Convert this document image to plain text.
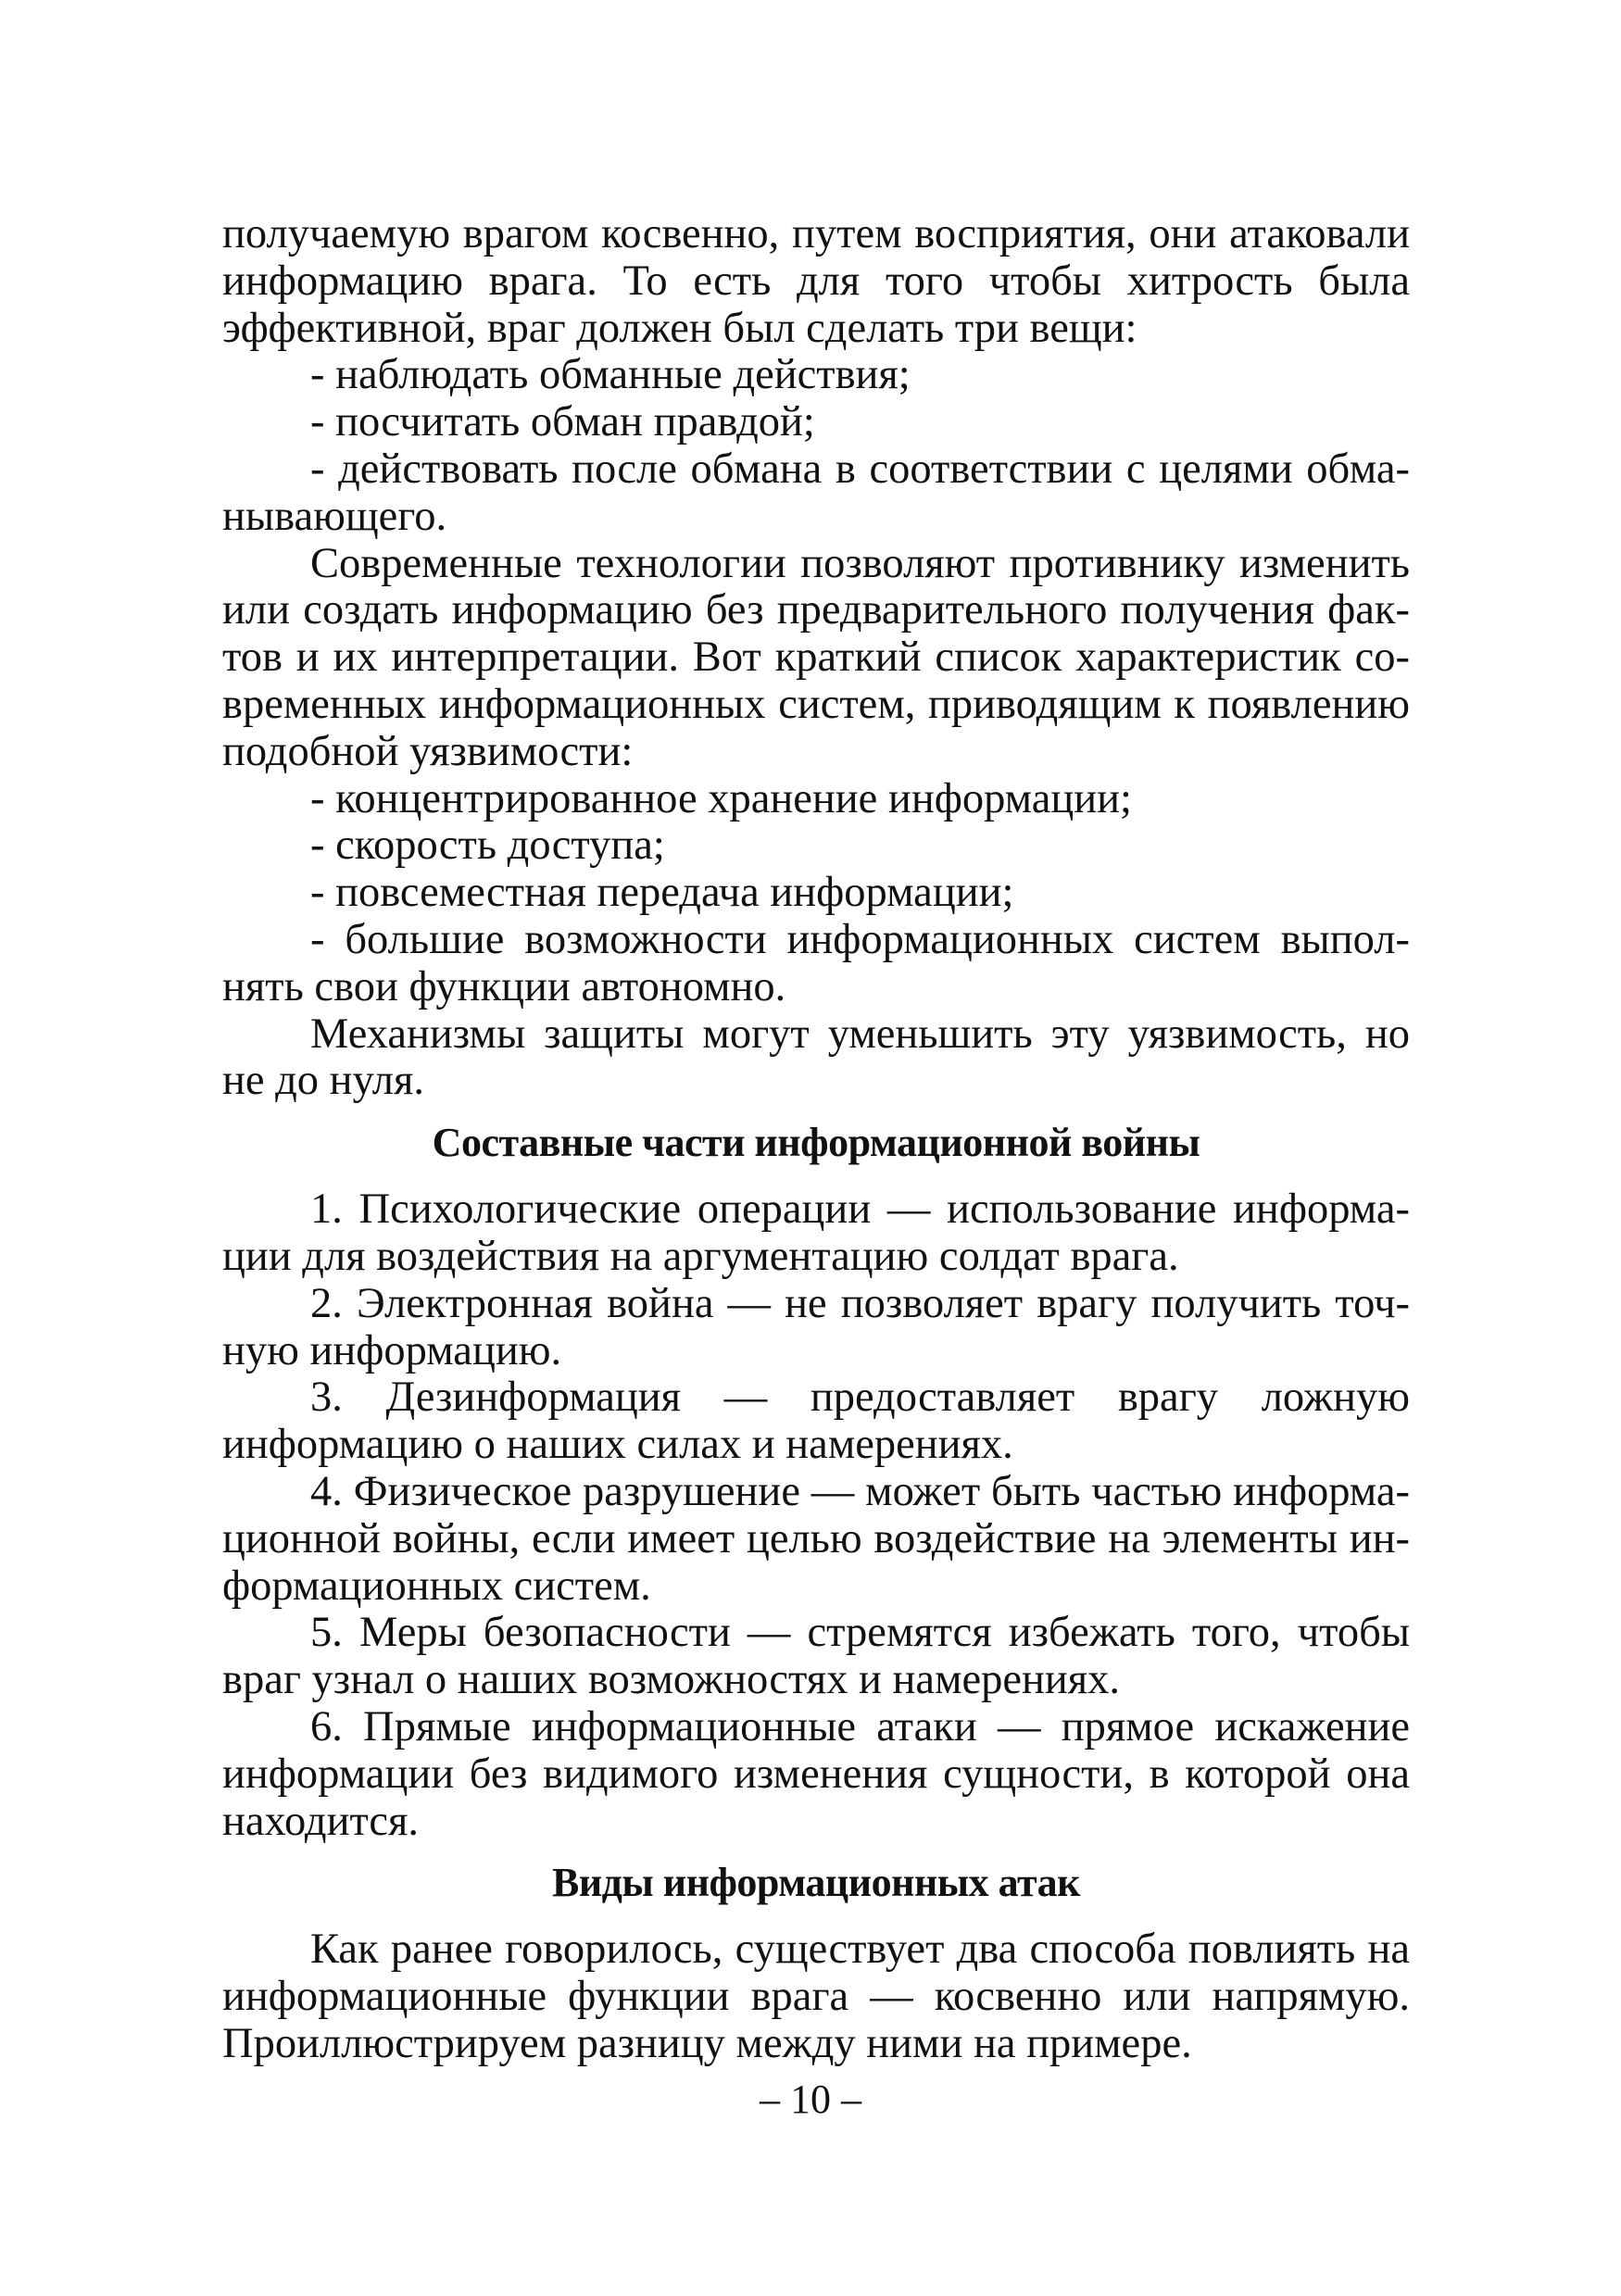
получаемую врагом косвенно, путем восприятия, они атаковали информацию врага. То есть для того чтобы хитрость была эффективной, враг должен был сделать три вещи:

- наблюдать обманные действия;

- посчитать обман правдой;

- действовать после обмана в соответствии с целями обманывающего.

Современные технологии позволяют противнику изменить или создать информацию без предварительного получения фактов и их интерпретации. Вот краткий список характеристик современных информационных систем, приводящим к появлению подобной уязвимости:

- концентрированное хранение информации;

- скорость доступа;

- повсеместная передача информации;

- большие возможности информационных систем выполнять свои функции автономно.

Механизмы защиты могут уменьшить эту уязвимость, но не до нуля.

Составные части информационной войны

1. Психологические операции — использование информации для воздействия на аргументацию солдат врага.

2. Электронная война — не позволяет врагу получить точную информацию.

3. Дезинформация — предоставляет врагу ложную информацию о наших силах и намерениях.

4. Физическое разрушение — может быть частью информационной войны, если имеет целью воздействие на элементы информационных систем.

5. Меры безопасности — стремятся избежать того, чтобы враг узнал о наших возможностях и намерениях.

6. Прямые информационные атаки — прямое искажение информации без видимого изменения сущности, в которой она находится.

Виды информационных атак

Как ранее говорилось, существует два способа повлиять на информационные функции врага — косвенно или напрямую. Проиллюстрируем разницу между ними на примере.

– 10 –
